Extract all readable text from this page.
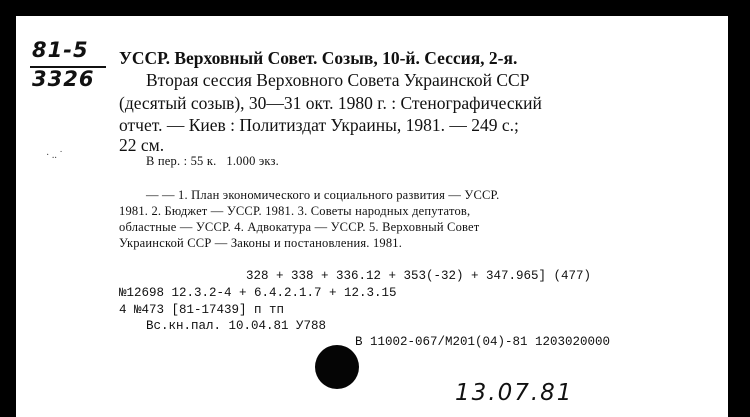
81-5
3326
УССР. Верховный Совет. Созыв, 10-й. Сессия, 2-я.
Вторая сессия Верховного Совета Украинской ССР
(десятый созыв), 30—31 окт. 1980 г. : Стенографический
отчет. — Киев : Политиздат Украины, 1981. — 249 с.;
22 см.
· .. ˙	В пер. : 55 к.   1.000 экз.
— — 1. План экономического и социального развития — УССР.
1981. 2. Бюджет — УССР. 1981. 3. Советы народных депутатов,
областные — УССР. 4. Адвокатура — УССР. 5. Верховный Совет
Украинской ССР — Законы и постановления. 1981.
328 + 338 + 336.12 + 353(-32) + 347.965] (477)
№12698 12.3.2-4 + 6.4.2.1.7 + 12.3.15
4 №473 [81-17439] п тп
Вс.кн.пал. 10.04.81 У788
В 11002-067/М201(04)-81 1203020000
13.07.81
